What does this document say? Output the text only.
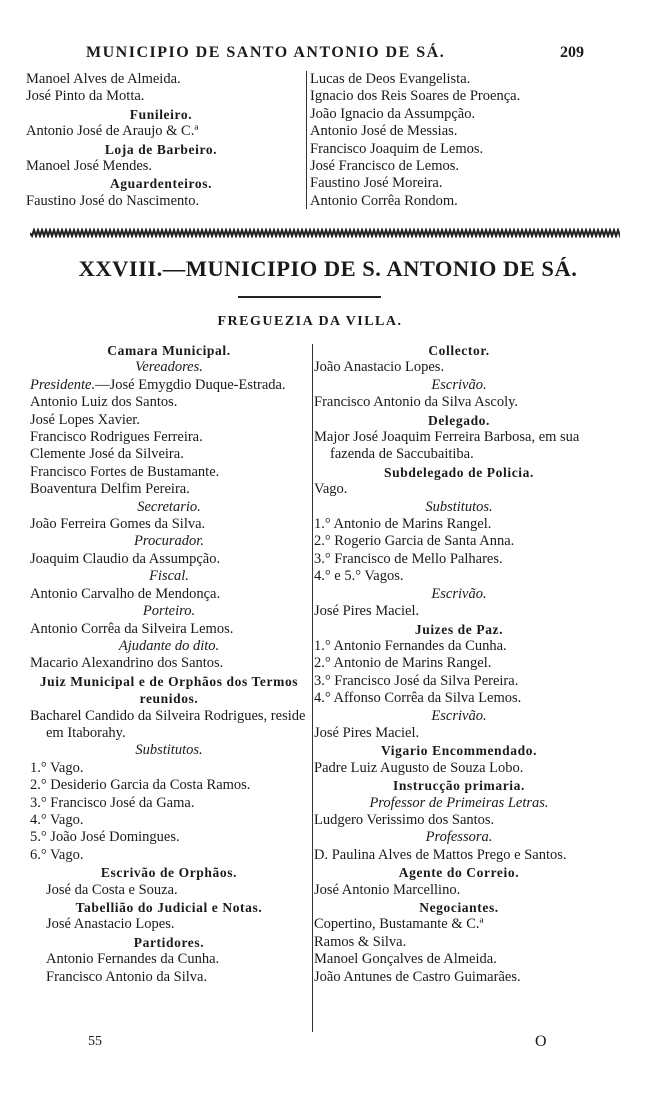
MUNICIPIO DE SANTO ANTONIO DE SÁ.	209
Manoel Alves de Almeida.
José Pinto da Motta.
Funileiro.
Antonio José de Araujo & C.ª
Loja de Barbeiro.
Manoel José Mendes.
Aguardenteiros.
Faustino José do Nascimento.
Lucas de Deos Evangelista.
Ignacio dos Reis Soares de Proença.
João Ignacio da Assumpção.
Antonio José de Messias.
Francisco Joaquim de Lemos.
José Francisco de Lemos.
Faustino José Moreira.
Antonio Corrêa Rondom.
XXVIII.—MUNICIPIO DE S. ANTONIO DE SÁ.
FREGUEZIA DA VILLA.
Camara Municipal.
Vereadores.
Presidente.—José Emygdio Duque-Estrada.
Antonio Luiz dos Santos.
José Lopes Xavier.
Francisco Rodrigues Ferreira.
Clemente José da Silveira.
Francisco Fortes de Bustamante.
Boaventura Delfim Pereira.
Secretario.
João Ferreira Gomes da Silva.
Procurador.
Joaquim Claudio da Assumpção.
Fiscal.
Antonio Carvalho de Mendonça.
Porteiro.
Antonio Corrêa da Silveira Lemos.
Ajudante do dito.
Macario Alexandrino dos Santos.
Juiz Municipal e de Orphãos dos Termos reunidos.
Bacharel Candido da Silveira Rodrigues, reside em Itaborahy.
Substitutos.
1.° Vago.
2.° Desiderio Garcia da Costa Ramos.
3.° Francisco José da Gama.
4.° Vago.
5.° João José Domingues.
6.° Vago.
Escrivão de Orphãos.
José da Costa e Souza.
Tabellião do Judicial e Notas.
José Anastacio Lopes.
Partidores.
Antonio Fernandes da Cunha.
Francisco Antonio da Silva.
Collector.
João Anastacio Lopes.
Escrivão.
Francisco Antonio da Silva Ascoly.
Delegado.
Major José Joaquim Ferreira Barbosa, em sua fazenda de Saccubaitiba.
Subdelegado de Policia.
Vago.
Substitutos.
1.° Antonio de Marins Rangel.
2.° Rogerio Garcia de Santa Anna.
3.° Francisco de Mello Palhares.
4.° e 5.° Vagos.
Escrivão.
José Pires Maciel.
Juizes de Paz.
1.° Antonio Fernandes da Cunha.
2.° Antonio de Marins Rangel.
3.° Francisco José da Silva Pereira.
4.° Affonso Corrêa da Silva Lemos.
Escrivão.
José Pires Maciel.
Vigario Encommendado.
Padre Luiz Augusto de Souza Lobo.
Instrucção primaria.
Professor de Primeiras Letras.
Ludgero Verissimo dos Santos.
Professora.
D. Paulina Alves de Mattos Prego e Santos.
Agente do Correio.
José Antonio Marcellino.
Negociantes.
Copertino, Bustamante & C.ª
Ramos & Silva.
Manoel Gonçalves de Almeida.
João Antunes de Castro Guimarães.
55	O
